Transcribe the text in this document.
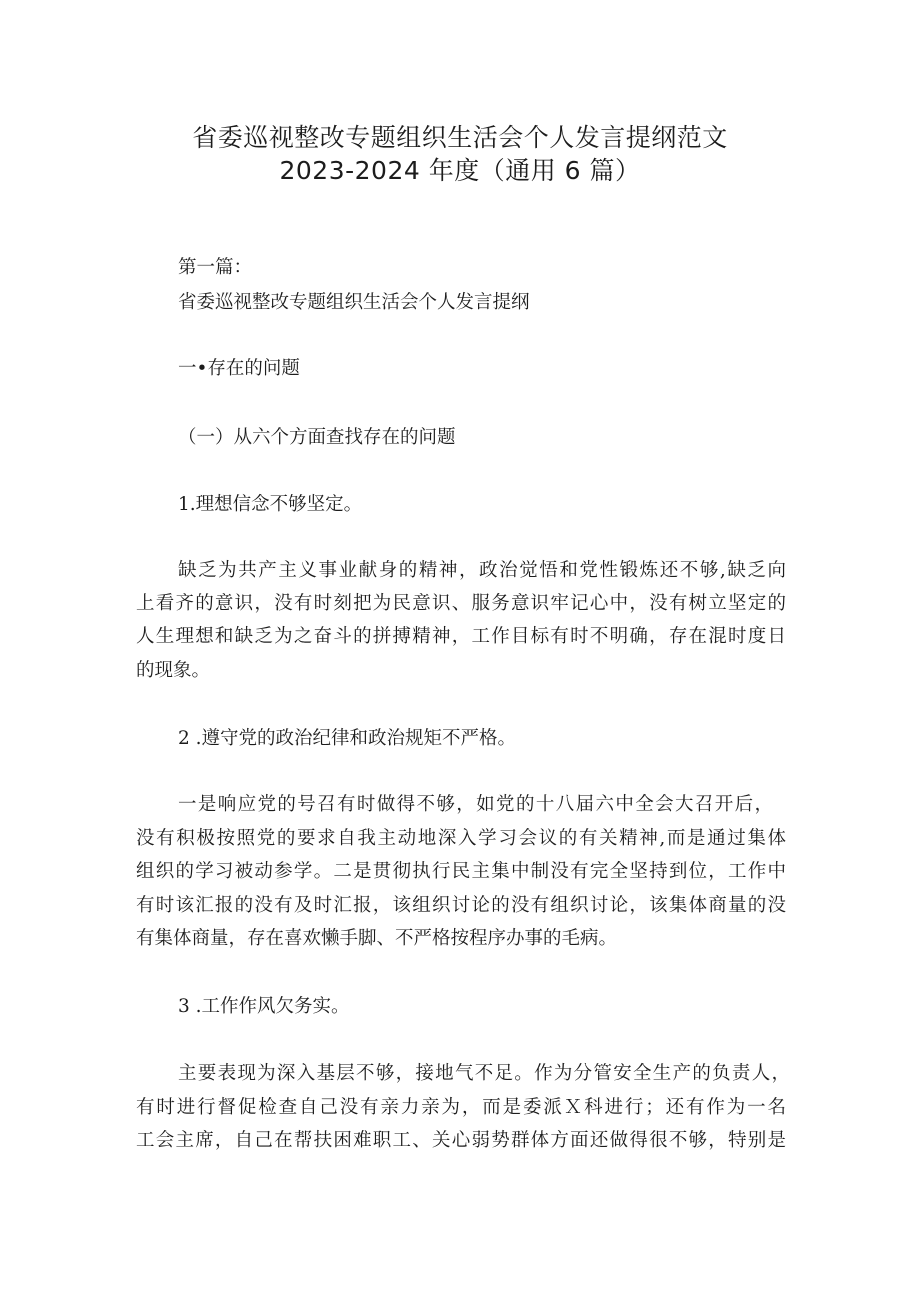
省委巡视整改专题组织生活会个人发言提纲范文
2023-2024 年度（通用 6 篇）
第一篇：
省委巡视整改专题组织生活会个人发言提纲
一•存在的问题
（一）从六个方面查找存在的问题
1.理想信念不够坚定。
缺乏为共产主义事业献身的精神，政治觉悟和党性锻炼还不够,缺乏向
上看齐的意识，没有时刻把为民意识、服务意识牢记心中，没有树立坚定的
人生理想和缺乏为之奋斗的拼搏精神，工作目标有时不明确，存在混时度日
的现象。
2 .遵守党的政治纪律和政治规矩不严格。
一是响应党的号召有时做得不够，如党的十八届六中全会大召开后，
没有积极按照党的要求自我主动地深入学习会议的有关精神,而是通过集体
组织的学习被动参学。二是贯彻执行民主集中制没有完全坚持到位，工作中
有时该汇报的没有及时汇报，该组织讨论的没有组织讨论，该集体商量的没
有集体商量，存在喜欢懒手脚、不严格按程序办事的毛病。
3 .工作作风欠务实。
主要表现为深入基层不够，接地气不足。作为分管安全生产的负责人，
有时进行督促检查自己没有亲力亲为，而是委派Ｘ科进行；还有作为一名
工会主席，自己在帮扶困难职工、关心弱势群体方面还做得很不够，特别是
